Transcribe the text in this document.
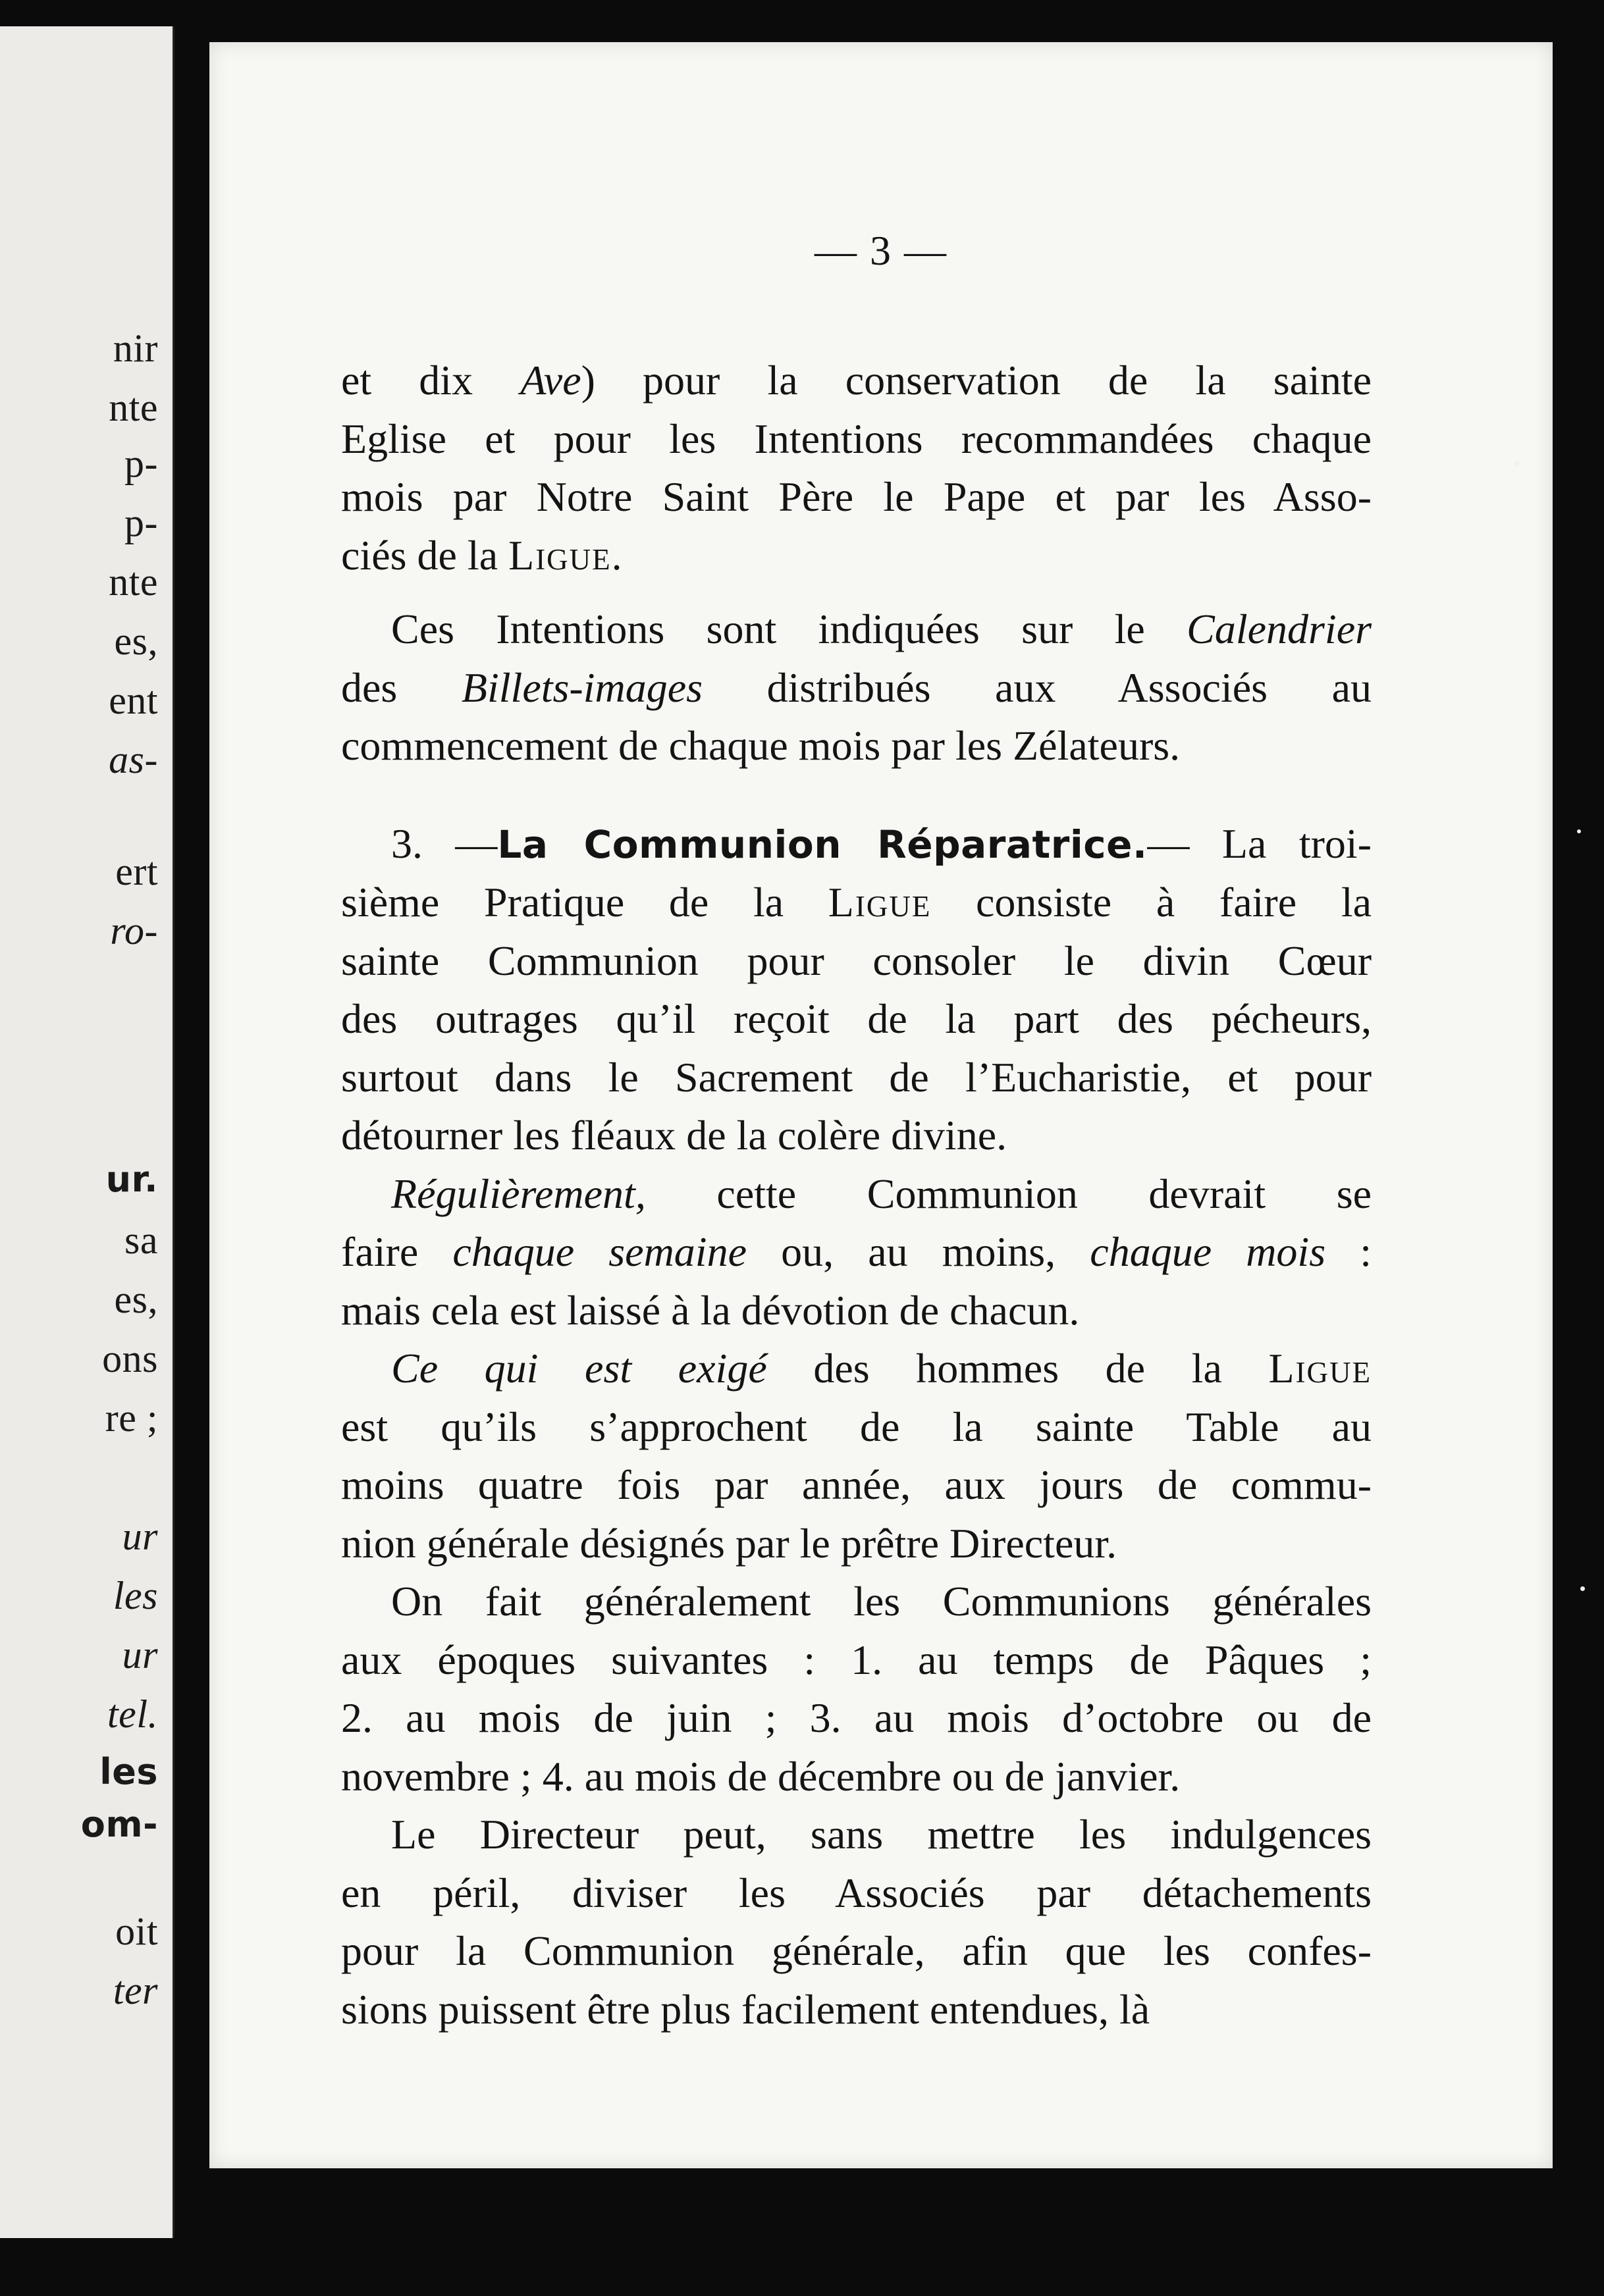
nir
nte
p-
p-
nte
es,
ent
as-
ert
ro-
ur.
sa
es,
ons
re ;
ur
les
ur
tel.
les
om-
oit
ter
— 3 —

et dix Ave) pour la conservation de la sainte

Eglise et pour les Intentions recommandées chaque

mois par Notre Saint Père le Pape et par les Asso-

ciés de la Ligue.

Ces Intentions sont indiquées sur le Calendrier

des Billets-images distribués aux Associés au

commencement de chaque mois par les Zélateurs.

3. —La Communion Réparatrice.— La troi-

sième Pratique de la Ligue consiste à faire la

sainte Communion pour consoler le divin Cœur

des outrages qu’il reçoit de la part des pécheurs,

surtout dans le Sacrement de l’Eucharistie, et pour

détourner les fléaux de la colère divine.

Régulièrement, cette Communion devrait se

faire chaque semaine ou, au moins, chaque mois :

mais cela est laissé à la dévotion de chacun.

Ce qui est exigé des hommes de la Ligue

est qu’ils s’approchent de la sainte Table au

moins quatre fois par année, aux jours de commu-

nion générale désignés par le prêtre Directeur.

On fait généralement les Communions générales

aux époques suivantes : 1. au temps de Pâques ;

2. au mois de juin ; 3. au mois d’octobre ou de

novembre ; 4. au mois de décembre ou de janvier.

Le Directeur peut, sans mettre les indulgences

en péril, diviser les Associés par détachements

pour la Communion générale, afin que les confes-

sions puissent être plus facilement entendues, là
